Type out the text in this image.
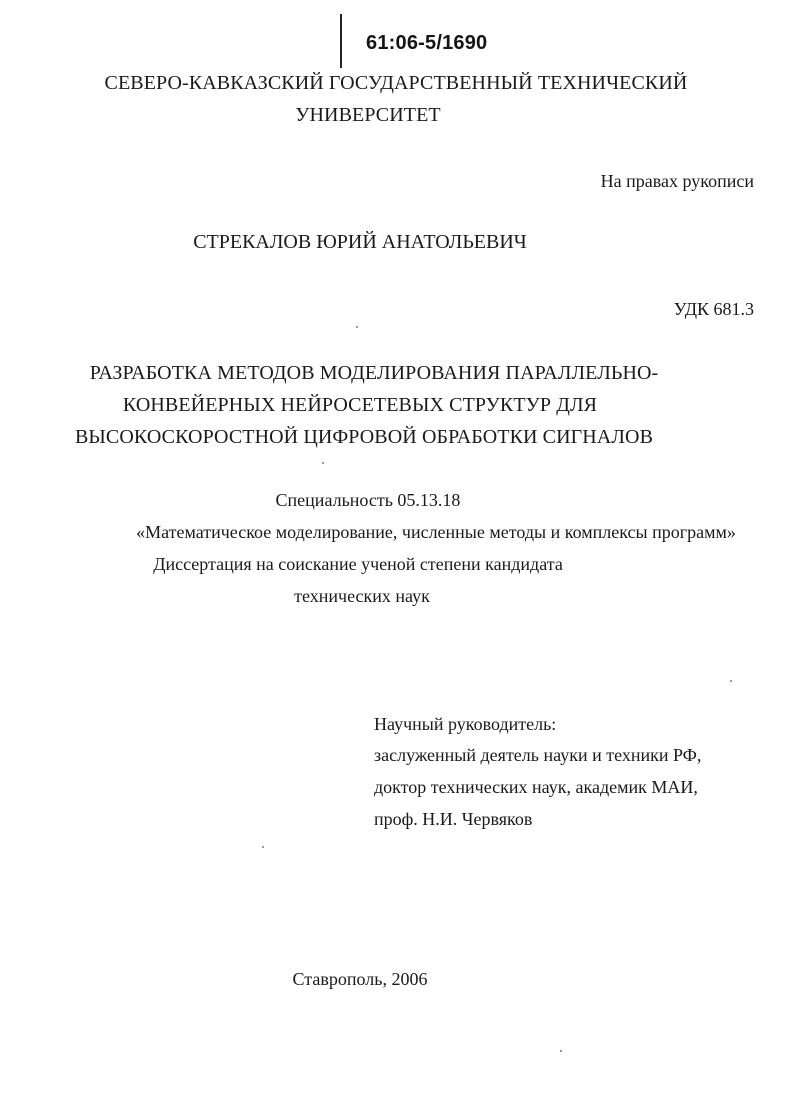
61:06-5/1690
СЕВЕРО-КАВКАЗСКИЙ ГОСУДАРСТВЕННЫЙ ТЕХНИЧЕСКИЙ
УНИВЕРСИТЕТ
На правах рукописи
СТРЕКАЛОВ ЮРИЙ АНАТОЛЬЕВИЧ
УДК 681.3
РАЗРАБОТКА МЕТОДОВ МОДЕЛИРОВАНИЯ ПАРАЛЛЕЛЬНО-
КОНВЕЙЕРНЫХ НЕЙРОСЕТЕВЫХ СТРУКТУР ДЛЯ
ВЫСОКОСКОРОСТНОЙ ЦИФРОВОЙ ОБРАБОТКИ СИГНАЛОВ
Специальность 05.13.18
«Математическое моделирование, численные методы и комплексы программ»
Диссертация на соискание ученой степени кандидата
технических наук
Научный руководитель:
заслуженный деятель науки и техники РФ,
доктор технических наук, академик МАИ,
проф. Н.И. Червяков
Ставрополь, 2006
